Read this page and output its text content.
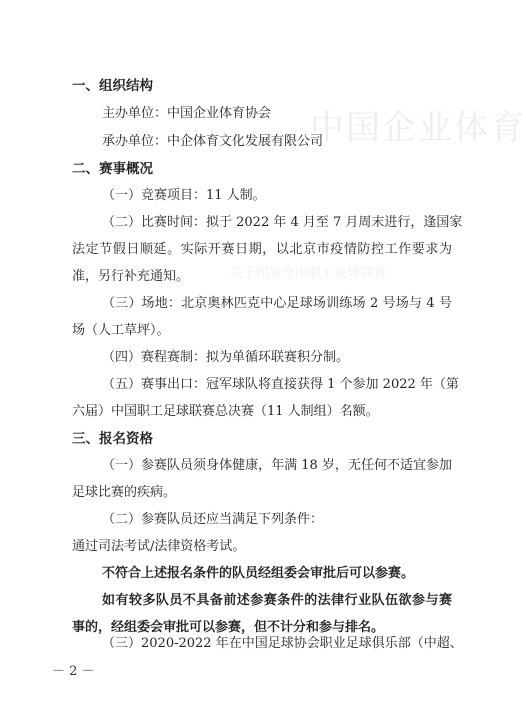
中国企业体育
关于印发全国职工足球联赛
一、组织结构
主办单位：中国企业体育协会
承办单位：中企体育文化发展有限公司
二、赛事概况
（一）竞赛项目：11 人制。
（二）比赛时间：拟于 2022 年 4 月至 7 月周末进行，逢国家
法定节假日顺延。实际开赛日期，以北京市疫情防控工作要求为
准，另行补充通知。
（三）场地：北京奥林匹克中心足球场训练场 2 号场与 4 号
场（人工草坪）。
（四）赛程赛制：拟为单循环联赛积分制。
（五）赛事出口：冠军球队将直接获得 1 个参加 2022 年（第
六届）中国职工足球联赛总决赛（11 人制组）名额。
三、报名资格
（一）参赛队员须身体健康，年满 18 岁，无任何不适宜参加
足球比赛的疾病。
（二）参赛队员还应当满足下列条件：
通过司法考试/法律资格考试。
不符合上述报名条件的队员经组委会审批后可以参赛。
如有较多队员不具备前述参赛条件的法律行业队伍欲参与赛
事的，经组委会审批可以参赛，但不计分和参与排名。
（三）2020-2022 年在中国足球协会职业足球俱乐部（中超、
－ 2 －
